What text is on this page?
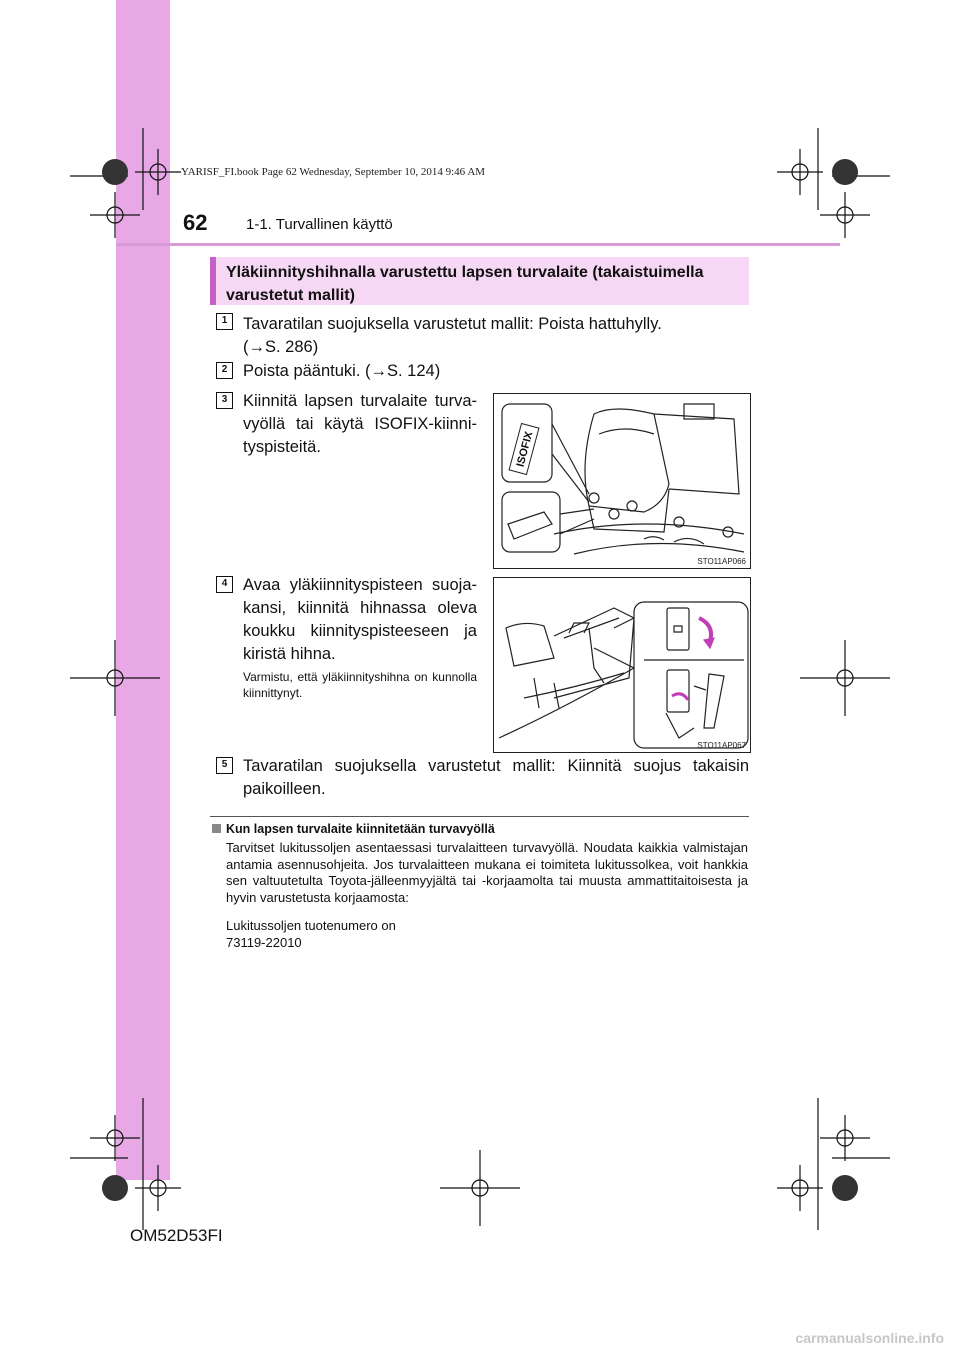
YARISF_FI.book Page 62 Wednesday, September 10, 2014 9:46 AM
62	1-1. Turvallinen käyttö
Yläkiinnityshihnalla varustettu lapsen turvalaite (takaistuimella
varustetut mallit)
1 Tavaratilan suojuksella varustetut mallit: Poista hattuhylly.
(→S. 286)
2 Poista pääntuki. (→S. 124)
3 Kiinnitä lapsen turvalaite turva-
vyöllä tai käytä ISOFIX-kiinni-
tyspisteitä.	ISOFIX
STO11AP066
4 Avaa yläkiinnityspisteen suoja-
kansi, kiinnitä hihnassa oleva
koukku kiinnityspisteeseen ja
kiristä hihna.
Varmistu, että yläkiinnityshihna on kunnolla kiinnittynyt.
STO11AP067
5 Tavaratilan suojuksella varustetut mallit: Kiinnitä suojus takaisin
paikoilleen.
Kun lapsen turvalaite kiinnitetään turvavyöllä
Tarvitset lukitussoljen asentaessasi turvalaitteen turvavyöllä. Noudata kaikkia valmistajan antamia asennusohjeita. Jos turvalaitteen mukana ei toimiteta lukitussolkea, voit hankkia sen valtuutetulta Toyota-jälleenmyyjältä tai -korjaamolta tai muusta ammattitaitoisesta ja hyvin varustetusta korjaamosta:
Lukitussoljen tuotenumero on
73119-22010
OM52D53FI
carmanualsonline.info
